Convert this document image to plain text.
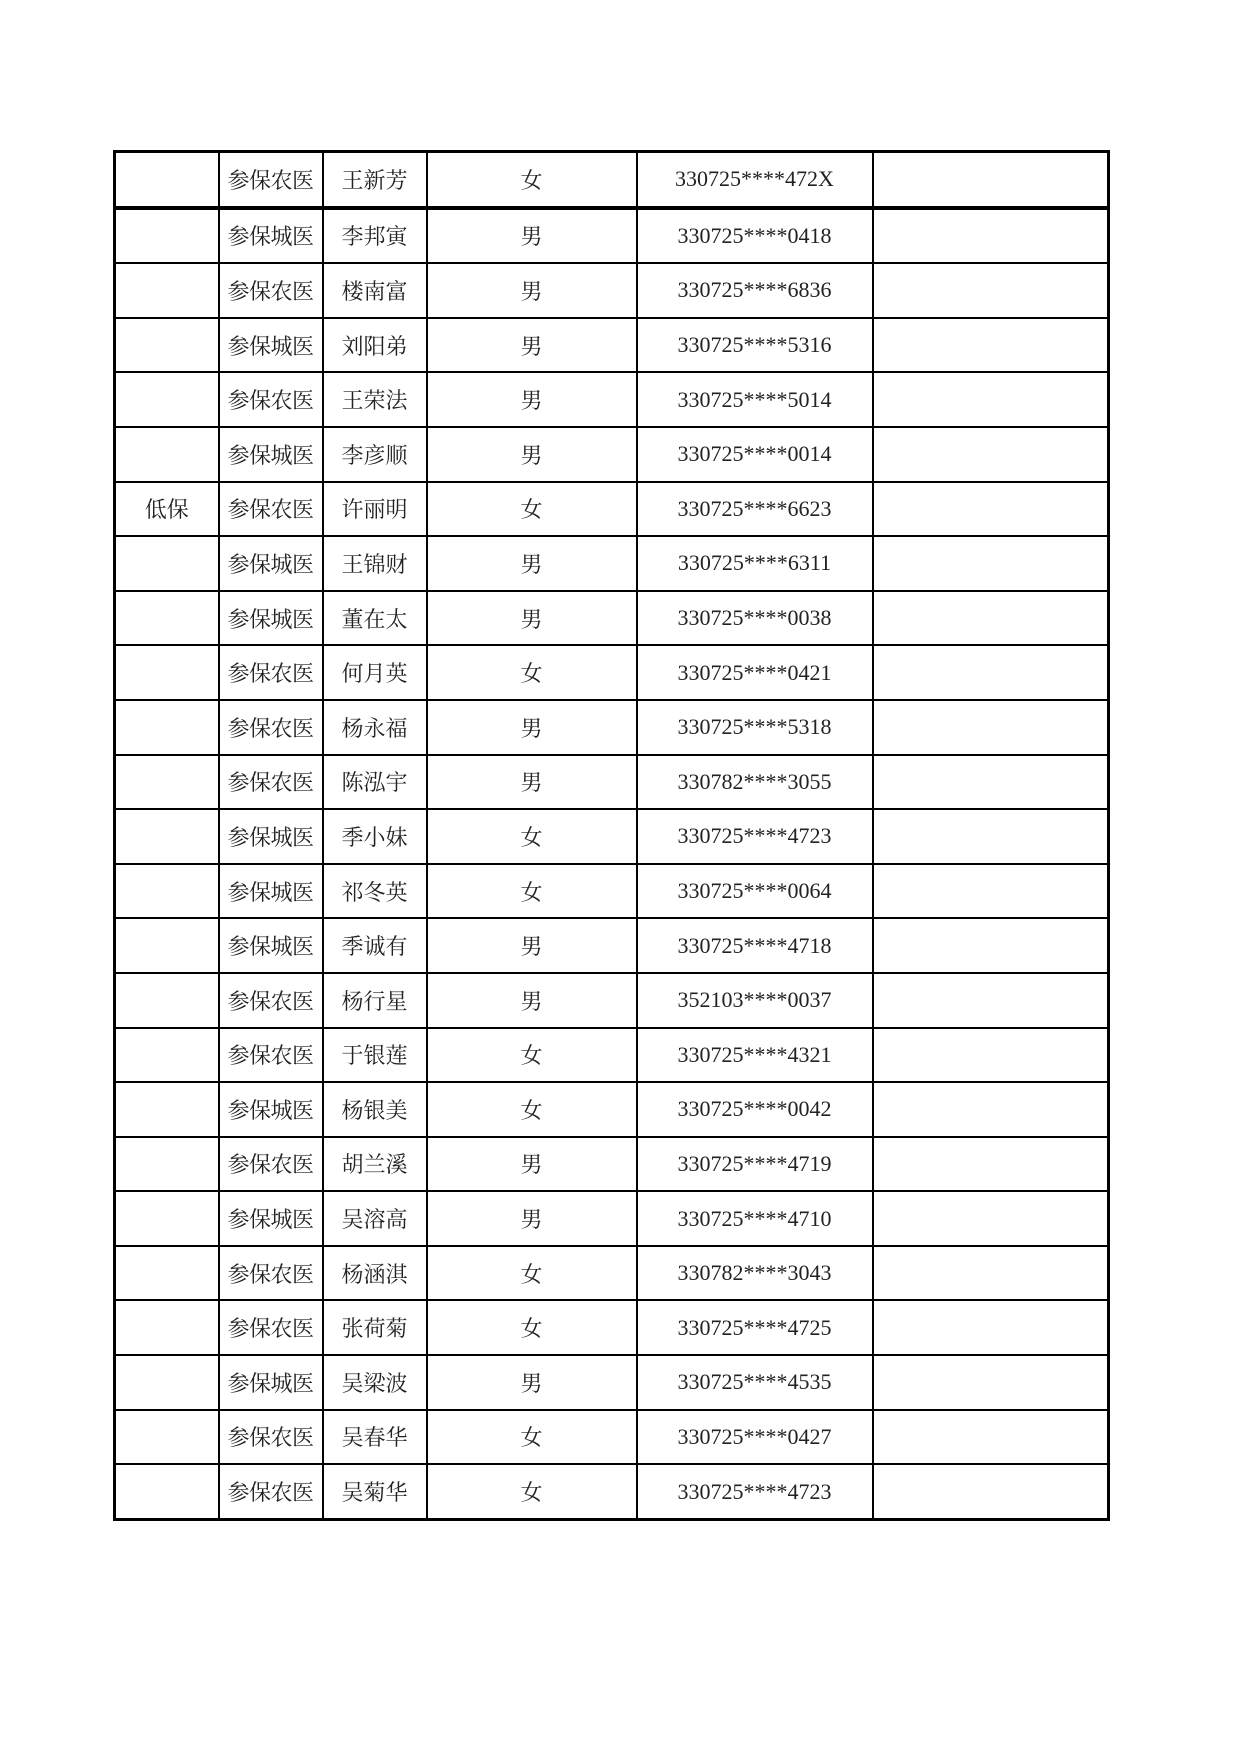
	参保农医	王新芳	女	330725****472X	
	参保城医	李邦寅	男	330725****0418	
	参保农医	楼南富	男	330725****6836	
	参保城医	刘阳弟	男	330725****5316	
	参保农医	王荣法	男	330725****5014	
	参保城医	李彦顺	男	330725****0014	
低保	参保农医	许丽明	女	330725****6623	
	参保城医	王锦财	男	330725****6311	
	参保城医	董在太	男	330725****0038	
	参保农医	何月英	女	330725****0421	
	参保农医	杨永福	男	330725****5318	
	参保农医	陈泓宇	男	330782****3055	
	参保城医	季小妹	女	330725****4723	
	参保城医	祁冬英	女	330725****0064	
	参保城医	季诚有	男	330725****4718	
	参保农医	杨行星	男	352103****0037	
	参保农医	于银莲	女	330725****4321	
	参保城医	杨银美	女	330725****0042	
	参保农医	胡兰溪	男	330725****4719	
	参保城医	吴溶高	男	330725****4710	
	参保农医	杨涵淇	女	330782****3043	
	参保农医	张荷菊	女	330725****4725	
	参保城医	吴梁波	男	330725****4535	
	参保农医	吴春华	女	330725****0427	
	参保农医	吴菊华	女	330725****4723	
